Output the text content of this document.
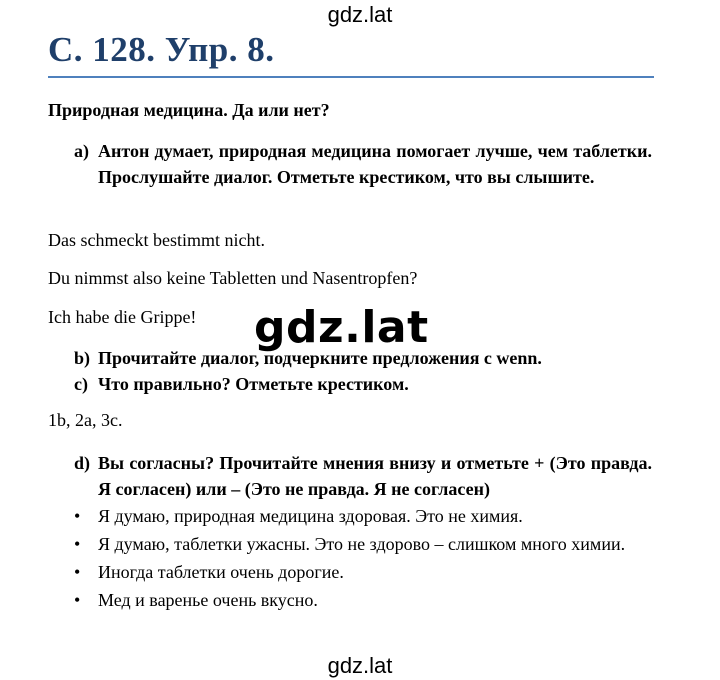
gdz.lat
С. 128. Упр. 8.
Природная медицина. Да или нет?
a) Антон думает, природная медицина помогает лучше, чем таблетки. Прослушайте диалог. Отметьте крестиком, что вы слышите.
Das schmeckt bestimmt nicht.
Du nimmst also keine Tabletten und Nasentropfen?
Ich habe die Grippe! gdz.lat
b) Прочитайте диалог, подчеркните предложения с wenn.
c) Что правильно? Отметьте крестиком.
1b, 2a, 3c.
d) Вы согласны? Прочитайте мнения внизу и отметьте + (Это правда. Я согласен) или – (Это не правда. Я не согласен)
• Я думаю, природная медицина здоровая. Это не химия.
• Я думаю, таблетки ужасны. Это не здорово – слишком много химии.
• Иногда таблетки очень дорогие.
• Мед и варенье очень вкусно.
gdz.lat
